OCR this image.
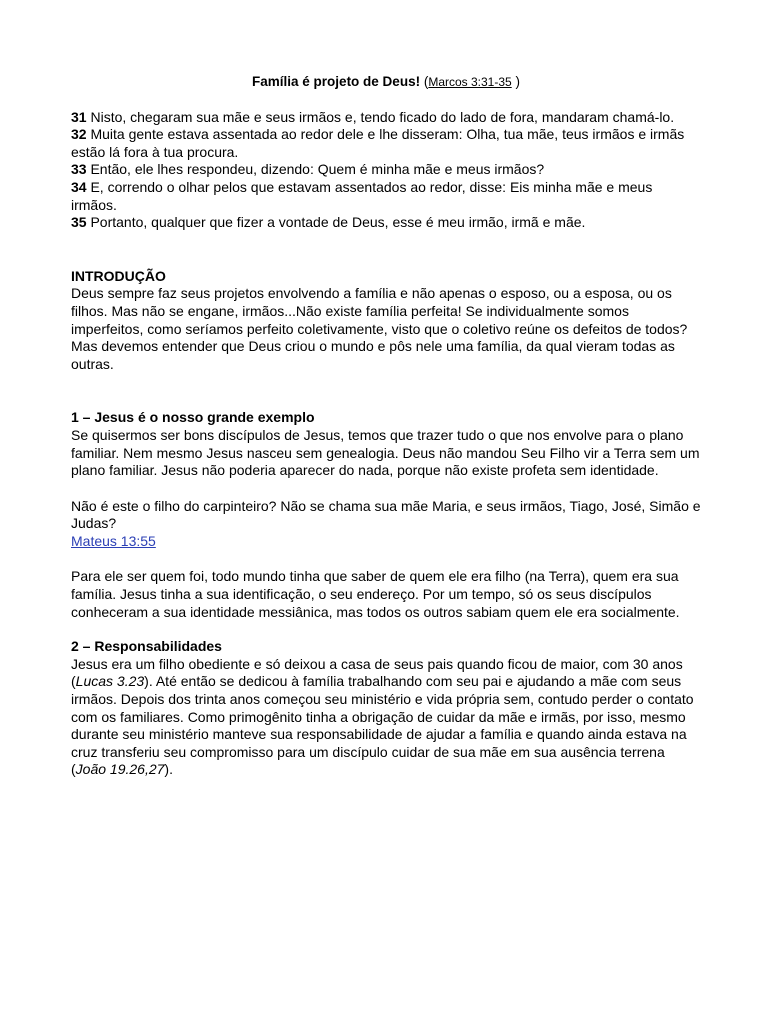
Família é projeto de Deus! (Marcos 3:31-35 )

31 Nisto, chegaram sua mãe e seus irmãos e, tendo ficado do lado de fora, mandaram chamá-lo.

32 Muita gente estava assentada ao redor dele e lhe disseram: Olha, tua mãe, teus irmãos e irmãs estão lá fora à tua procura.

33 Então, ele lhes respondeu, dizendo: Quem é minha mãe e meus irmãos?

34 E, correndo o olhar pelos que estavam assentados ao redor, disse: Eis minha mãe e meus irmãos.

35 Portanto, qualquer que fizer a vontade de Deus, esse é meu irmão, irmã e mãe.

INTRODUÇÃO

Deus sempre faz seus projetos envolvendo a família e não apenas o esposo, ou a esposa, ou os filhos. Mas não se engane, irmãos...Não existe família perfeita! Se individualmente somos imperfeitos, como seríamos perfeito coletivamente, visto que o coletivo reúne os defeitos de todos? Mas devemos entender que Deus criou o mundo e pôs nele uma família, da qual vieram todas as outras.

1 – Jesus é o nosso grande exemplo

Se quisermos ser bons discípulos de Jesus, temos que trazer tudo o que nos envolve para o plano familiar. Nem mesmo Jesus nasceu sem genealogia. Deus não mandou Seu Filho vir a Terra sem um plano familiar. Jesus não poderia aparecer do nada, porque não existe profeta sem identidade.

Não é este o filho do carpinteiro? Não se chama sua mãe Maria, e seus irmãos, Tiago, José, Simão e Judas?

Mateus 13:55

Para ele ser quem foi, todo mundo tinha que saber de quem ele era filho (na Terra), quem era sua família. Jesus tinha a sua identificação, o seu endereço. Por um tempo, só os seus discípulos conheceram a sua identidade messiânica, mas todos os outros sabiam quem ele era socialmente.

2 – Responsabilidades

Jesus era um filho obediente e só deixou a casa de seus pais quando ficou de maior, com 30 anos (Lucas 3.23). Até então se dedicou à família trabalhando com seu pai e ajudando a mãe com seus irmãos. Depois dos trinta anos começou seu ministério e vida própria sem, contudo perder o contato com os familiares. Como primogênito tinha a obrigação de cuidar da mãe e irmãs, por isso, mesmo durante seu ministério manteve sua responsabilidade de ajudar a família e quando ainda estava na cruz transferiu seu compromisso para um discípulo cuidar de sua mãe em sua ausência terrena (João 19.26,27).
